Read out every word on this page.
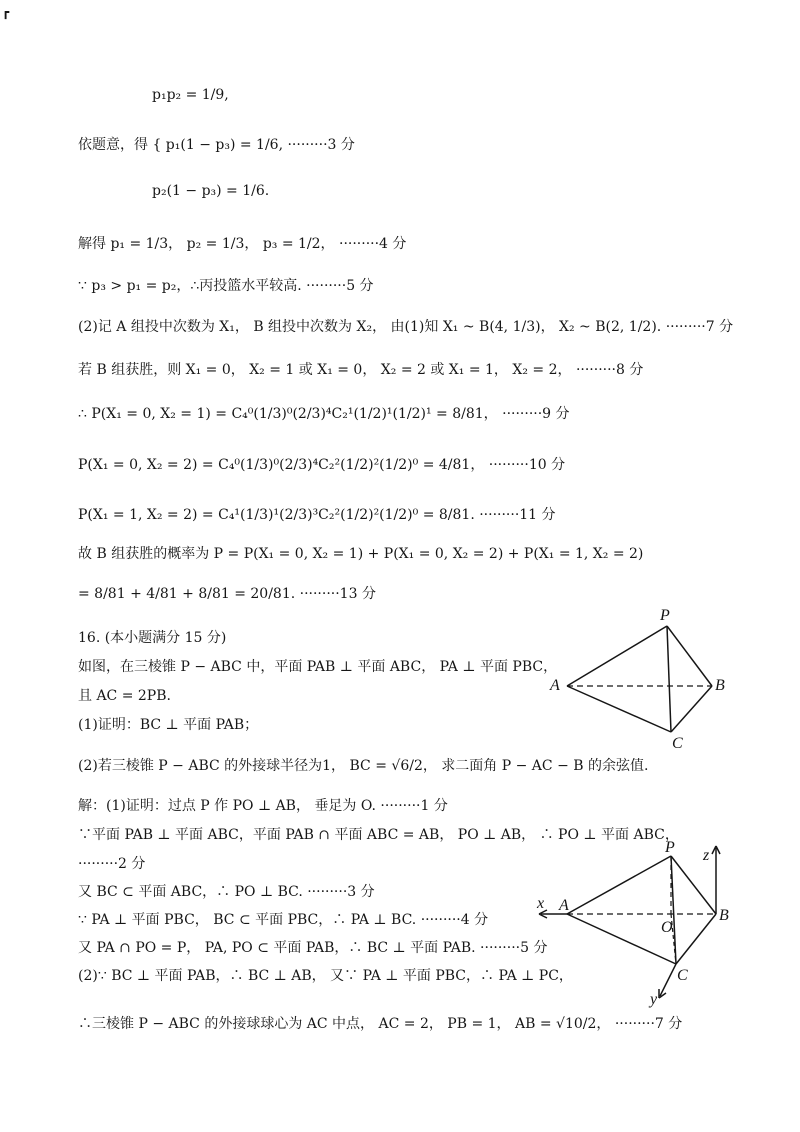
┏
p₁p₂ = 1/9,
依题意，得 { p₁(1 − p₃) = 1/6, ·········3 分
p₂(1 − p₃) = 1/6.
解得 p₁ = 1/3， p₂ = 1/3， p₃ = 1/2， ·········4 分
∵ p₃ > p₁ = p₂，∴丙投篮水平较高. ·········5 分
(2)记 A 组投中次数为 X₁， B 组投中次数为 X₂， 由(1)知 X₁ ~ B(4, 1/3)， X₂ ~ B(2, 1/2). ·········7 分
若 B 组获胜，则 X₁ = 0， X₂ = 1 或 X₁ = 0， X₂ = 2 或 X₁ = 1， X₂ = 2， ·········8 分
∴ P(X₁ = 0, X₂ = 1) = C₄⁰(1/3)⁰(2/3)⁴C₂¹(1/2)¹(1/2)¹ = 8/81， ·········9 分
P(X₁ = 0, X₂ = 2) = C₄⁰(1/3)⁰(2/3)⁴C₂²(1/2)²(1/2)⁰ = 4/81， ·········10 分
P(X₁ = 1, X₂ = 2) = C₄¹(1/3)¹(2/3)³C₂²(1/2)²(1/2)⁰ = 8/81. ·········11 分
故 B 组获胜的概率为 P = P(X₁ = 0, X₂ = 1) + P(X₁ = 0, X₂ = 2) + P(X₁ = 1, X₂ = 2)
= 8/81 + 4/81 + 8/81 = 20/81. ·········13 分
16. (本小题满分 15 分)
如图，在三棱锥 P − ABC 中，平面 PAB ⊥ 平面 ABC， PA ⊥ 平面 PBC，
且 AC = 2PB.
(1)证明：BC ⊥ 平面 PAB；
(2)若三棱锥 P − ABC 的外接球半径为1， BC = √6/2， 求二面角 P − AC − B 的余弦值.
解：(1)证明：过点 P 作 PO ⊥ AB， 垂足为 O. ·········1 分
∵平面 PAB ⊥ 平面 ABC，平面 PAB ∩ 平面 ABC = AB， PO ⊥ AB， ∴ PO ⊥ 平面 ABC，
·········2 分
又 BC ⊂ 平面 ABC，∴ PO ⊥ BC. ·········3 分
∵ PA ⊥ 平面 PBC， BC ⊂ 平面 PBC，∴ PA ⊥ BC. ·········4 分
又 PA ∩ PO = P， PA, PO ⊂ 平面 PAB，∴ BC ⊥ 平面 PAB. ·········5 分
(2)∵ BC ⊥ 平面 PAB，∴ BC ⊥ AB， 又∵ PA ⊥ 平面 PBC，∴ PA ⊥ PC，
∴三棱锥 P − ABC 的外接球球心为 AC 中点， AC = 2， PB = 1， AB = √10/2， ·········7 分
P
A	B
C
P
A
B
C
O
x
y
z
